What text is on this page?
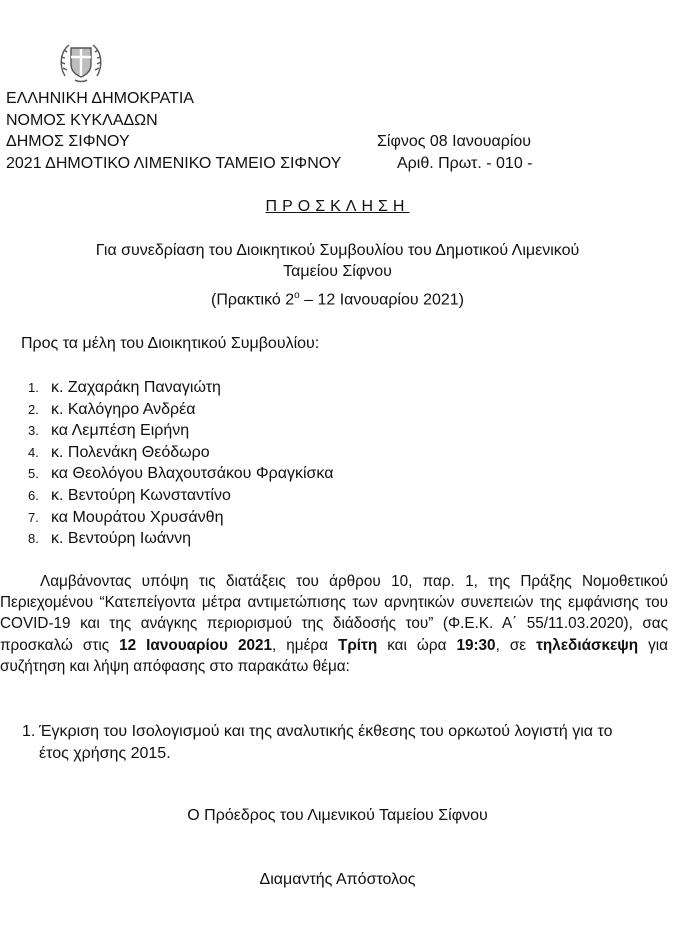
ΕΛΛΗΝΙΚΗ ΔΗΜΟΚΡΑΤΙΑ
ΝΟΜΟΣ ΚΥΚΛΑΔΩΝ
ΔΗΜΟΣ ΣΙΦΝΟΥ
2021 ΔΗΜΟΤΙΚΟ ΛΙΜΕΝΙΚΟ ΤΑΜΕΙΟ ΣΙΦΝΟΥ
Σίφνος 08 Ιανουαρίου
Αριθ. Πρωτ. - 010 -
ΠΡΟΣΚΛΗΣΗ
Για συνεδρίαση του Διοικητικού Συμβουλίου του Δημοτικού Λιμενικού
Ταμείου Σίφνου
(Πρακτικό $2^o - 12$ Ιανουαρίου 2021)
Προς τα μέλη του Διοικητικού Συμβουλίου:
1. κ. Ζαχαράκη Παναγιώτη
2. κ. Καλόγηρο Ανδρέα
3. κα Λεμπέση Ειρήνη
4. κ. Πολενάκη Θεόδωρο
5. κα Θεολόγου Βλαχουτσάκου Φραγκίσκα
6. κ. Βεντούρη Κωνσταντίνο
7. κα Μουράτου Χρυσάνθη
8. κ. Βεντούρη Ιωάννη
Λαμβάνοντας υπόψη τις διατάξεις του άρθρου 10, παρ. 1, της Πράξης Νομοθετικού Περιεχομένου “Κατεπείγοντα μέτρα αντιμετώπισης των αρνητικών συνεπειών της εμφάνισης του COVID-19 και της ανάγκης περιορισμού της διάδοσής του” (Φ.Ε.Κ. Α΄ 55/11.03.2020), σας προσκαλώ στις 12 Ιανουαρίου 2021, ημέρα Τρίτη και ώρα 19:30, σε τηλεδιάσκεψη για συζήτηση και λήψη απόφασης στο παρακάτω θέμα:
1. Έγκριση του Ισολογισμού και της αναλυτικής έκθεσης του ορκωτού λογιστή για το έτος χρήσης 2015.
Ο Πρόεδρος του Λιμενικού Ταμείου Σίφνου
Διαμαντής Απόστολος
